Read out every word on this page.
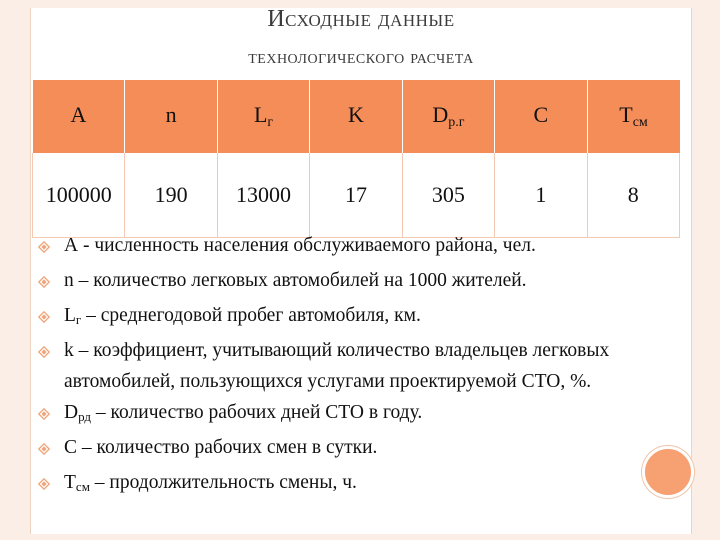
Исходные данные
технологического расчета
A	n	$L_г$	K	$D_{р.г}$	C	$T_{см}$
100000	190	13000	17	305	1	8
A - численность населения обслуживаемого района, чел.
n – количество легковых автомобилей на 1000 жителей.
$L_г$ – среднегодовой пробег автомобиля, км.
k – коэффициент, учитывающий количество владельцев легковых автомобилей, пользующихся услугами проектируемой СТО, %.
$D_{рд}$ – количество рабочих дней СТО в году.
С – количество рабочих смен в сутки.
$T_{см}$ – продолжительность смены, ч.
